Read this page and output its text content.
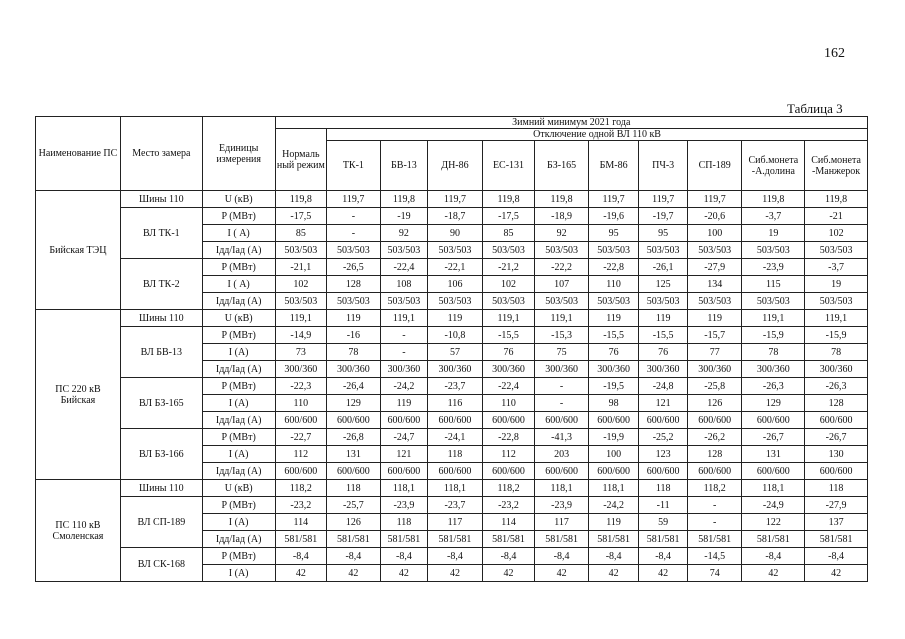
162
Таблица 3
Наименование ПС	Место замера	Единицы измерения	Зимний минимум 2021 года										
			Нормаль ный режим	Отключение одной ВЛ 110 кВ									
				ТК-1	БВ-13	ДН-86	ЕС-131	БЗ-165	БМ-86	ПЧ-3	СП-189	Сиб.монета -А.долина	Сиб.монета -Манжерок
Бийская ТЭЦ	Шины 110	U (кВ)	119,8	119,7	119,8	119,7	119,8	119,8	119,7	119,7	119,7	119,8	119,8
	ВЛ ТК-1	P (МВт)	-17,5	-	-19	-18,7	-17,5	-18,9	-19,6	-19,7	-20,6	-3,7	-21
		I ( А)	85	-	92	90	85	92	95	95	100	19	102
		Iдд/Iад (А)	503/503	503/503	503/503	503/503	503/503	503/503	503/503	503/503	503/503	503/503	503/503
	ВЛ ТК-2	P (МВт)	-21,1	-26,5	-22,4	-22,1	-21,2	-22,2	-22,8	-26,1	-27,9	-23,9	-3,7
		I ( А)	102	128	108	106	102	107	110	125	134	115	19
		Iдд/Iад (А)	503/503	503/503	503/503	503/503	503/503	503/503	503/503	503/503	503/503	503/503	503/503
ПС 220 кВ Бийская	Шины 110	U (кВ)	119,1	119	119,1	119	119,1	119,1	119	119	119	119,1	119,1
	ВЛ БВ-13	P (МВт)	-14,9	-16	-	-10,8	-15,5	-15,3	-15,5	-15,5	-15,7	-15,9	-15,9
		I (А)	73	78	-	57	76	75	76	76	77	78	78
		Iдд/Iад (А)	300/360	300/360	300/360	300/360	300/360	300/360	300/360	300/360	300/360	300/360	300/360
	ВЛ БЗ-165	P (МВт)	-22,3	-26,4	-24,2	-23,7	-22,4	-	-19,5	-24,8	-25,8	-26,3	-26,3
		I (А)	110	129	119	116	110	-	98	121	126	129	128
		Iдд/Iад (А)	600/600	600/600	600/600	600/600	600/600	600/600	600/600	600/600	600/600	600/600	600/600
	ВЛ БЗ-166	P (МВт)	-22,7	-26,8	-24,7	-24,1	-22,8	-41,3	-19,9	-25,2	-26,2	-26,7	-26,7
		I (А)	112	131	121	118	112	203	100	123	128	131	130
		Iдд/Iад (А)	600/600	600/600	600/600	600/600	600/600	600/600	600/600	600/600	600/600	600/600	600/600
ПС 110 кВ Смоленская	Шины 110	U (кВ)	118,2	118	118,1	118,1	118,2	118,1	118,1	118	118,2	118,1	118
	ВЛ СП-189	P (МВт)	-23,2	-25,7	-23,9	-23,7	-23,2	-23,9	-24,2	-11	-	-24,9	-27,9
		I (А)	114	126	118	117	114	117	119	59	-	122	137
		Iдд/Iад (А)	581/581	581/581	581/581	581/581	581/581	581/581	581/581	581/581	581/581	581/581	581/581
	ВЛ СК-168	P (МВт)	-8,4	-8,4	-8,4	-8,4	-8,4	-8,4	-8,4	-8,4	-14,5	-8,4	-8,4
		I (А)	42	42	42	42	42	42	42	42	74	42	42
